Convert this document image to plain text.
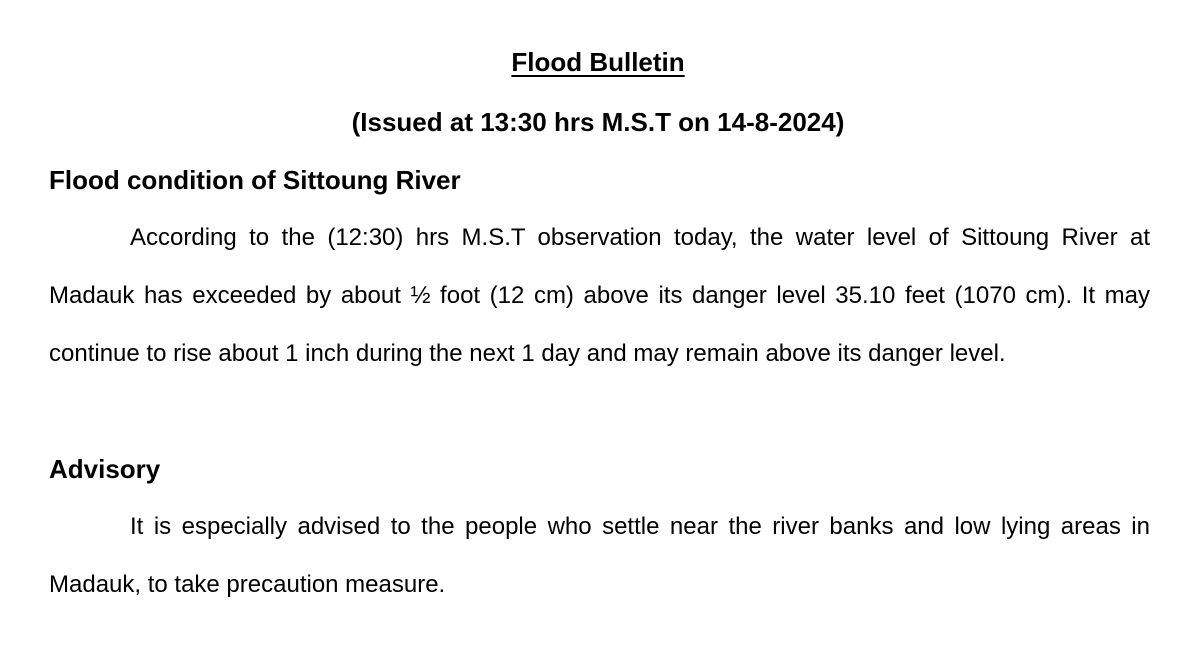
Flood Bulletin
(Issued at 13:30 hrs M.S.T on 14-8-2024)
Flood condition of Sittoung River

According to the (12:30) hrs M.S.T observation today, the water level of Sittoung River at Madauk has exceeded by about ½ foot (12 cm) above its danger level 35.10 feet (1070 cm). It may continue to rise about 1 inch during the next 1 day and may remain above its danger level.

Advisory

It is especially advised to the people who settle near the river banks and low lying areas in Madauk, to take precaution measure.
